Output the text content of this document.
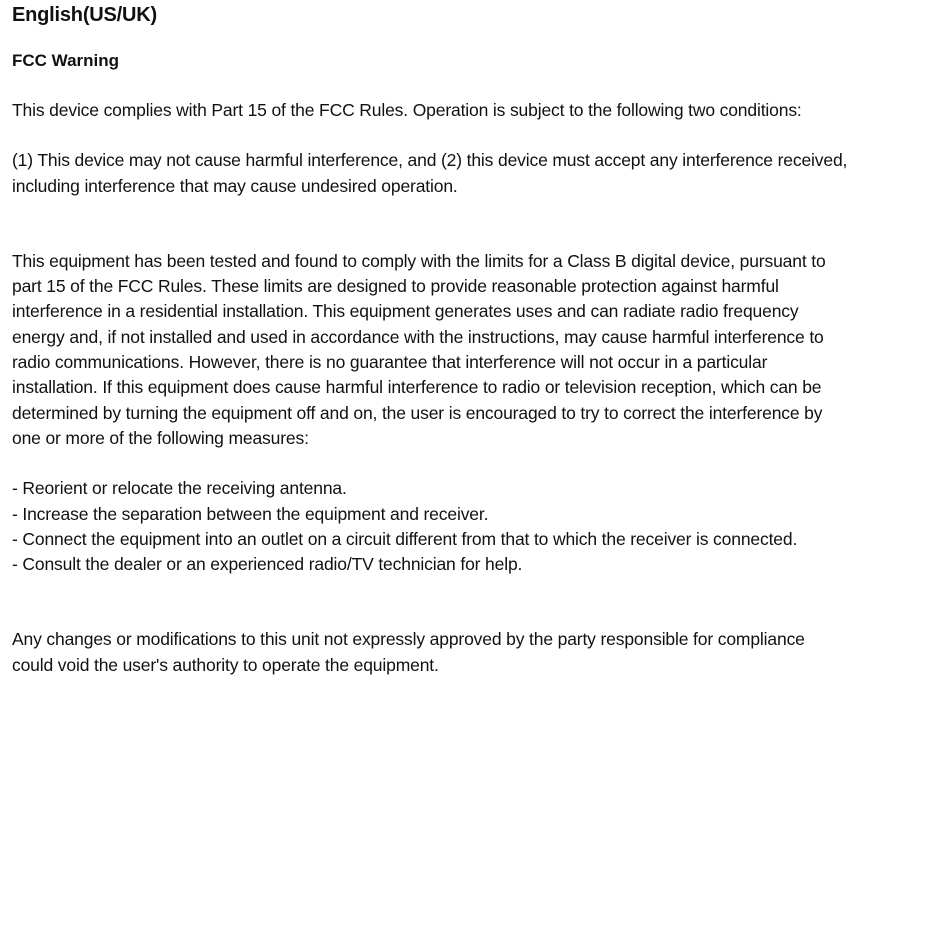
English(US/UK)
FCC Warning

This device complies with Part 15 of the FCC Rules. Operation is subject to the following two conditions:

(1) This device may not cause harmful interference, and (2) this device must accept any interference received,
including interference that may cause undesired operation.

This equipment has been tested and found to comply with the limits for a Class B digital device, pursuant to
part 15 of the FCC Rules. These limits are designed to provide reasonable protection against harmful
interference in a residential installation. This equipment generates uses and can radiate radio frequency
energy and, if not installed and used in accordance with the instructions, may cause harmful interference to
radio communications. However, there is no guarantee that interference will not occur in a particular
installation. If this equipment does cause harmful interference to radio or television reception, which can be
determined by turning the equipment off and on, the user is encouraged to try to correct the interference by
one or more of the following measures:

- Reorient or relocate the receiving antenna.
- Increase the separation between the equipment and receiver.
- Connect the equipment into an outlet on a circuit different from that to which the receiver is connected.
- Consult the dealer or an experienced radio/TV technician for help.

Any changes or modifications to this unit not expressly approved by the party responsible for compliance
could void the user's authority to operate the equipment.
